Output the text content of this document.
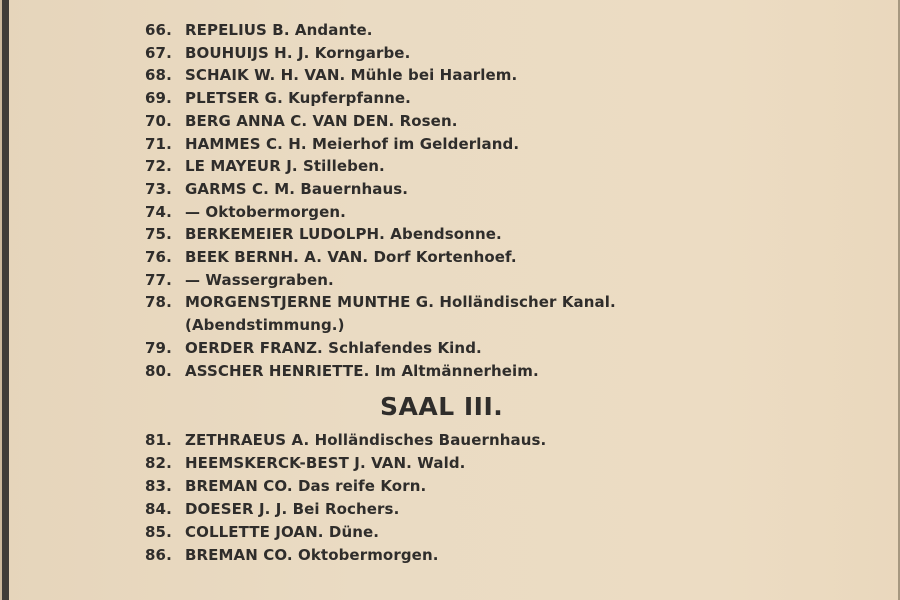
66. REPELIUS B. Andante.
67. BOUHUIJS H. J. Korngarbe.
68. SCHAIK W. H. VAN. Mühle bei Haarlem.
69. PLETSER G. Kupferpfanne.
70. BERG ANNA C. VAN DEN. Rosen.
71. HAMMES C. H. Meierhof im Gelderland.
72. LE MAYEUR J. Stilleben.
73. GARMS C. M. Bauernhaus.
74. — Oktobermorgen.
75. BERKEMEIER LUDOLPH. Abendsonne.
76. BEEK BERNH. A. VAN. Dorf Kortenhoef.
77. — Wassergraben.
78. MORGENSTJERNE MUNTHE G. Holländischer Kanal.
(Abendstimmung.)
79. OERDER FRANZ. Schlafendes Kind.
80. ASSCHER HENRIETTE. Im Altmännerheim.
SAAL III.
81. ZETHRAEUS A. Holländisches Bauernhaus.
82. HEEMSKERCK-BEST J. VAN. Wald.
83. BREMAN CO. Das reife Korn.
84. DOESER J. J. Bei Rochers.
85. COLLETTE JOAN. Düne.
86. BREMAN CO. Oktobermorgen.
